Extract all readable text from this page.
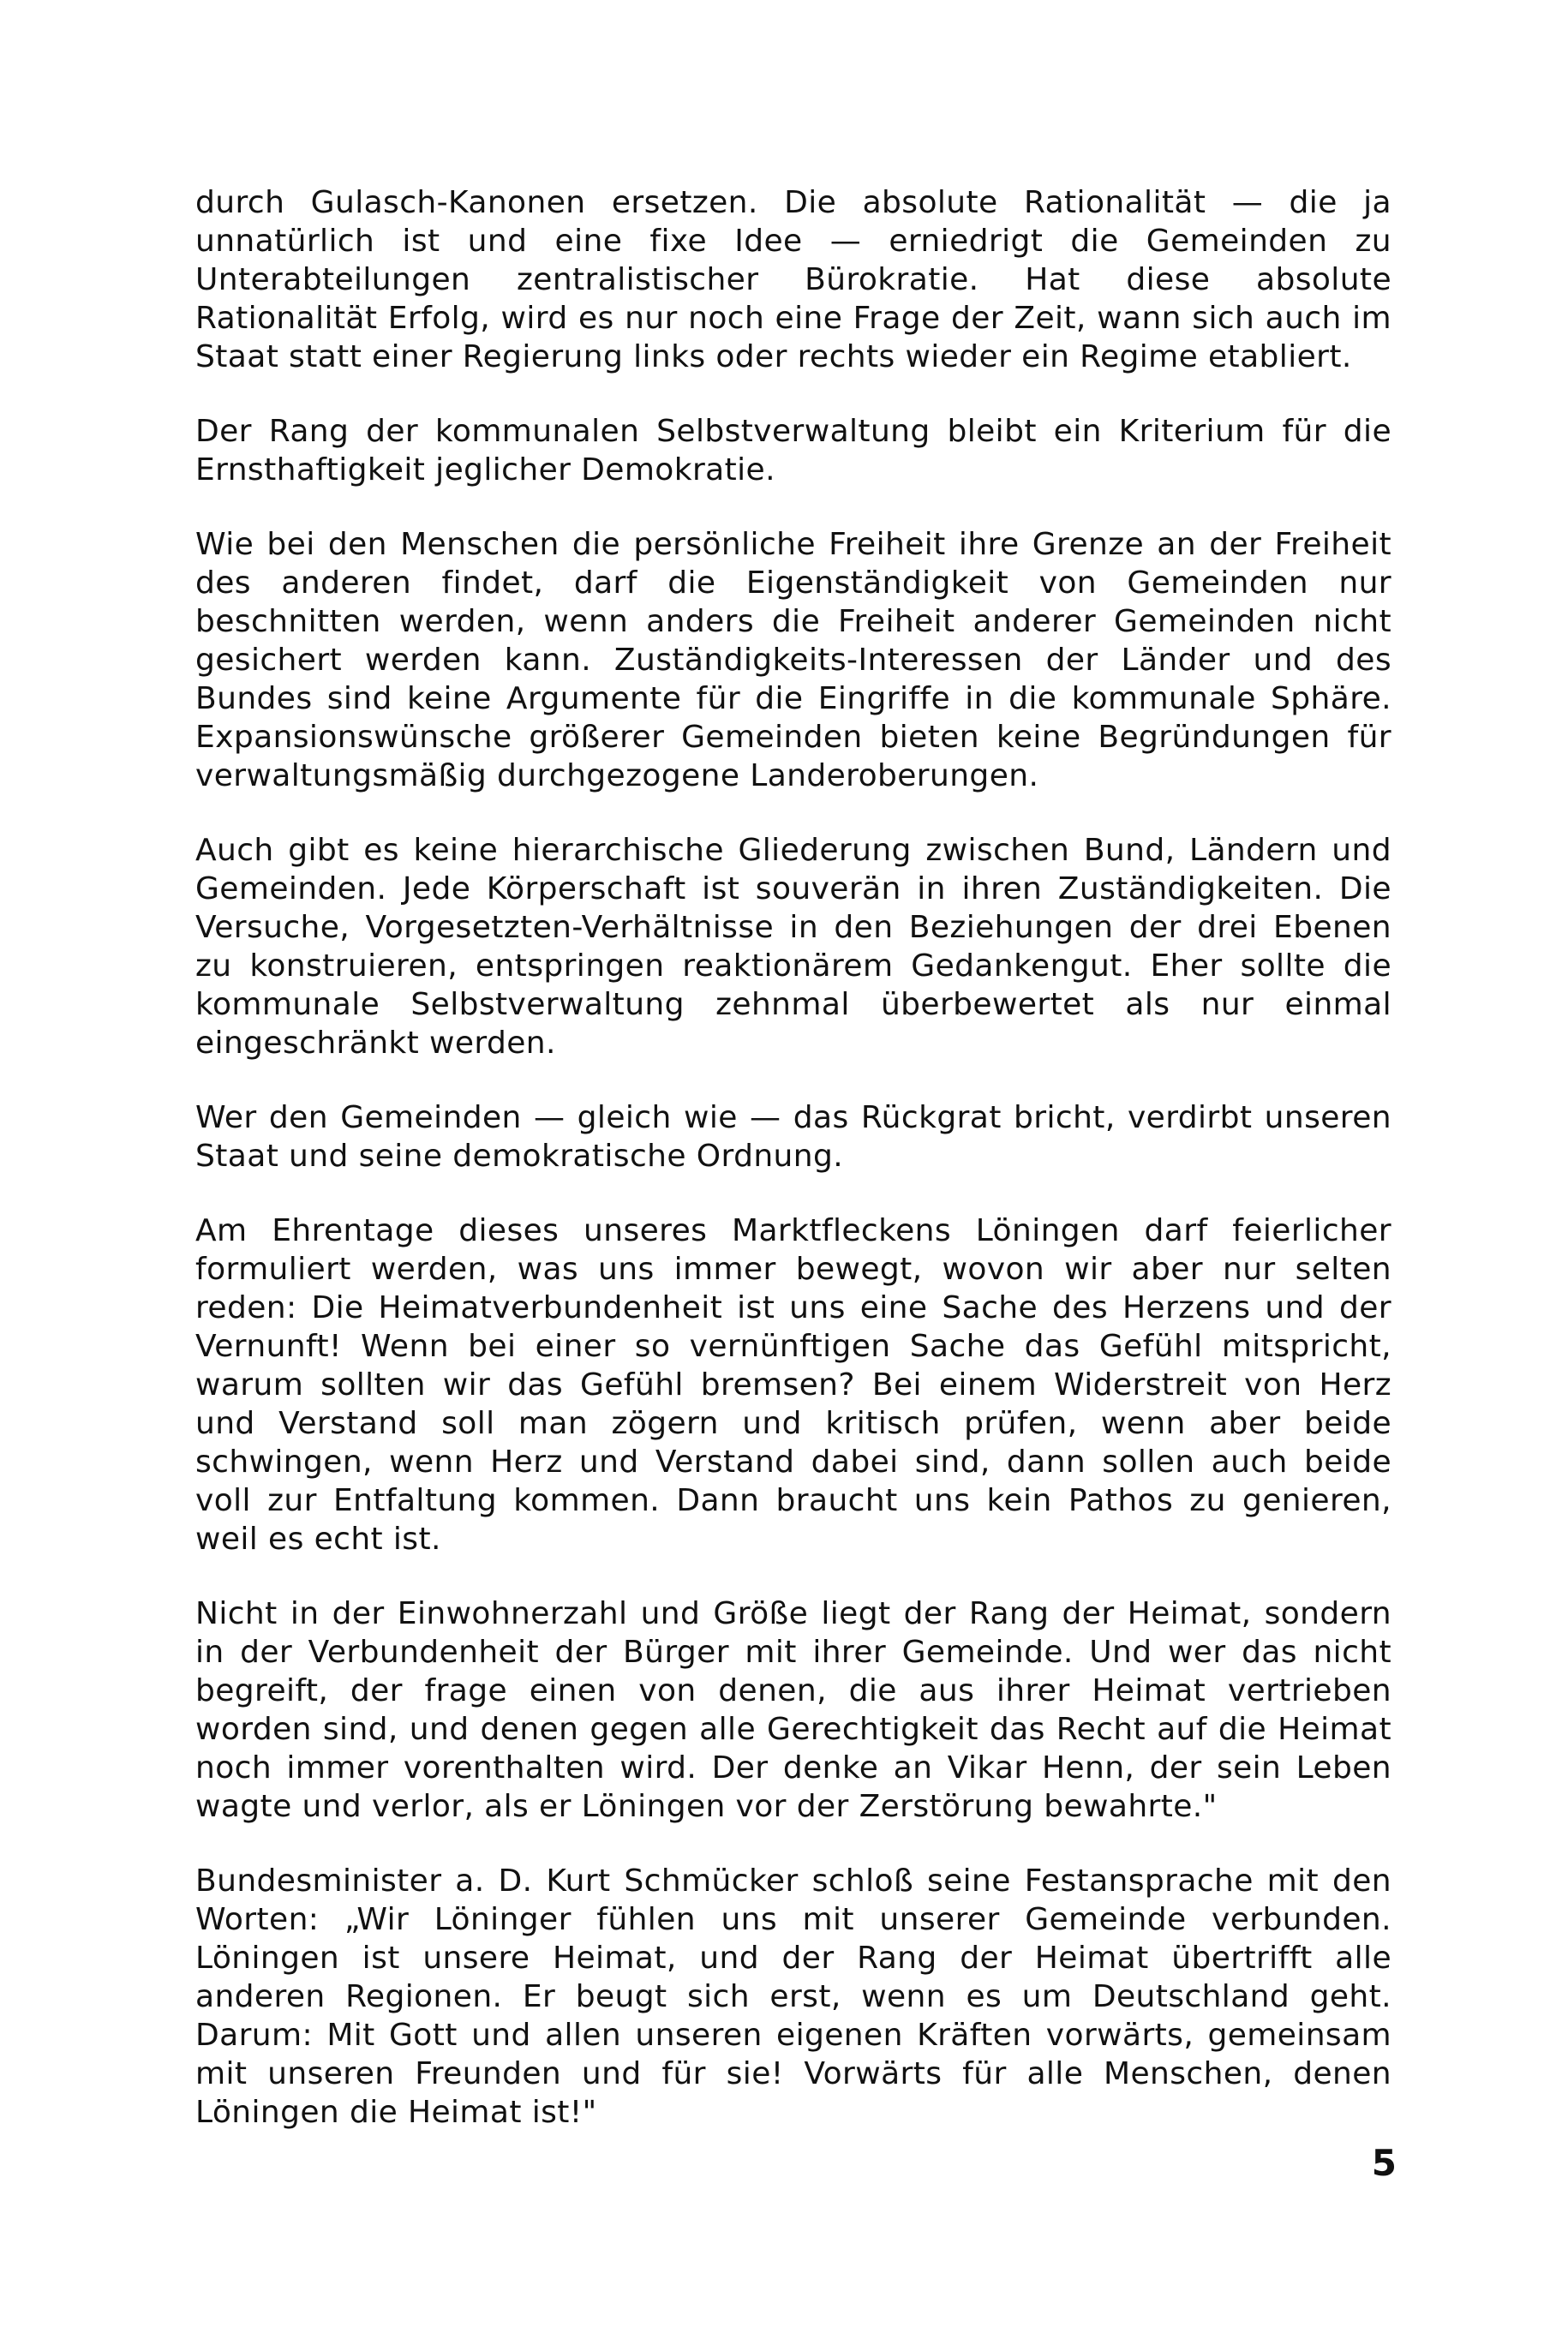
durch Gulasch-Kanonen ersetzen. Die absolute Rationalität — die ja unnatürlich ist und eine fixe Idee — erniedrigt die Gemeinden zu Unterabteilungen zentralistischer Bürokratie. Hat diese absolute Rationalität Erfolg, wird es nur noch eine Frage der Zeit, wann sich auch im Staat statt einer Regierung links oder rechts wieder ein Regime etabliert.

Der Rang der kommunalen Selbstverwaltung bleibt ein Kriterium für die Ernsthaftigkeit jeglicher Demokratie.

Wie bei den Menschen die persönliche Freiheit ihre Grenze an der Freiheit des anderen findet, darf die Eigenständigkeit von Gemeinden nur beschnitten werden, wenn anders die Freiheit anderer Gemeinden nicht gesichert werden kann. Zuständigkeits-Interessen der Länder und des Bundes sind keine Argumente für die Eingriffe in die kommunale Sphäre. Expansionswünsche größerer Gemeinden bieten keine Begründungen für verwaltungsmäßig durchgezogene Landeroberungen.

Auch gibt es keine hierarchische Gliederung zwischen Bund, Ländern und Gemeinden. Jede Körperschaft ist souverän in ihren Zuständigkeiten. Die Versuche, Vorgesetzten-Verhältnisse in den Beziehungen der drei Ebenen zu konstruieren, entspringen reaktionärem Gedankengut. Eher sollte die kommunale Selbstverwaltung zehnmal überbewertet als nur einmal eingeschränkt werden.

Wer den Gemeinden — gleich wie — das Rückgrat bricht, verdirbt unseren Staat und seine demokratische Ordnung.

Am Ehrentage dieses unseres Marktfleckens Löningen darf feierlicher formuliert werden, was uns immer bewegt, wovon wir aber nur selten reden: Die Heimatverbundenheit ist uns eine Sache des Herzens und der Vernunft! Wenn bei einer so vernünftigen Sache das Gefühl mitspricht, warum sollten wir das Gefühl bremsen? Bei einem Widerstreit von Herz und Verstand soll man zögern und kritisch prüfen, wenn aber beide schwingen, wenn Herz und Verstand dabei sind, dann sollen auch beide voll zur Entfaltung kommen. Dann braucht uns kein Pathos zu genieren, weil es echt ist.

Nicht in der Einwohnerzahl und Größe liegt der Rang der Heimat, sondern in der Verbundenheit der Bürger mit ihrer Gemeinde. Und wer das nicht begreift, der frage einen von denen, die aus ihrer Heimat vertrieben worden sind, und denen gegen alle Gerechtigkeit das Recht auf die Heimat noch immer vorenthalten wird. Der denke an Vikar Henn, der sein Leben wagte und verlor, als er Löningen vor der Zerstörung bewahrte."

Bundesminister a. D. Kurt Schmücker schloß seine Festansprache mit den Worten: „Wir Löninger fühlen uns mit unserer Gemeinde verbunden. Löningen ist unsere Heimat, und der Rang der Heimat übertrifft alle anderen Regionen. Er beugt sich erst, wenn es um Deutschland geht. Darum: Mit Gott und allen unseren eigenen Kräften vorwärts, gemeinsam mit unseren Freunden und für sie! Vorwärts für alle Menschen, denen Löningen die Heimat ist!"

5
